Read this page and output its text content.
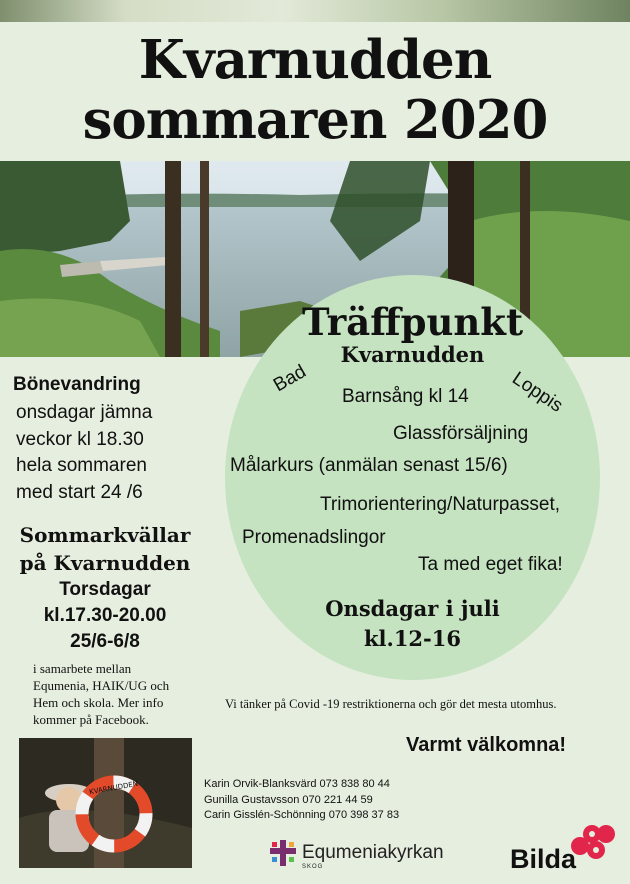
Kvarnudden
sommaren 2020
Träffpunkt
Kvarnudden
Bad	Loppis
Barnsång kl 14
Glassförsäljning
Målarkurs (anmälan senast 15/6)
Trimorientering/Naturpasset,
Promenadslingor
Ta med eget fika!
Onsdagar i juli
kl.12-16
Bönevandring
onsdagar jämna
veckor kl 18.30
hela sommaren
med start 24 /6
Sommarkvällar
på Kvarnudden
Torsdagar
kl.17.30-20.00
25/6-6/8
i samarbete mellan
Equmenia, HAIK/UG och
Hem och skola. Mer info
kommer på Facebook.
Vi tänker på Covid -19 restriktionerna och gör det mesta utomhus.
Varmt välkomna!
KVARNUDDEN	Karin Orvik-Blanksvärd 073 838 80 44
Gunilla Gustavsson 070 221 44 59
Carin Gisslén-Schönning 070 398 37 83
Equmeniakyrkan
SKOG	Bilda
